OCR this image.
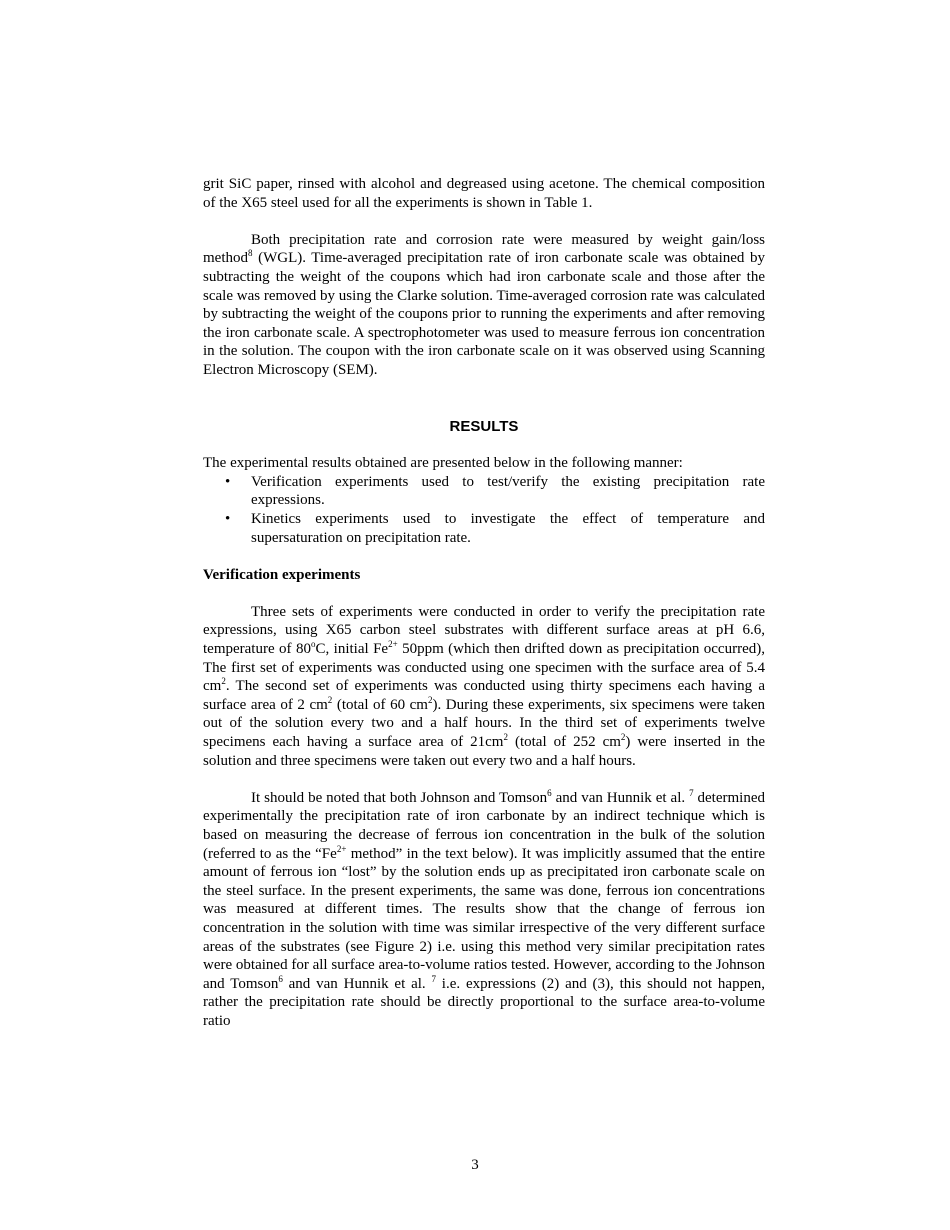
grit SiC paper, rinsed with alcohol and degreased using acetone. The chemical composition of the X65 steel used for all the experiments is shown in Table 1.

Both precipitation rate and corrosion rate were measured by weight gain/loss method$^8$ (WGL). Time-averaged precipitation rate of iron carbonate scale was obtained by subtracting the weight of the coupons which had iron carbonate scale and those after the scale was removed by using the Clarke solution. Time-averaged corrosion rate was calculated by subtracting the weight of the coupons prior to running the experiments and after removing the iron carbonate scale. A spectrophotometer was used to measure ferrous ion concentration in the solution. The coupon with the iron carbonate scale on it was observed using Scanning Electron Microscopy (SEM).

RESULTS

The experimental results obtained are presented below in the following manner:

• Verification experiments used to test/verify the existing precipitation rate expressions.
• Kinetics experiments used to investigate the effect of temperature and supersaturation on precipitation rate.
Verification experiments

Three sets of experiments were conducted in order to verify the precipitation rate expressions, using X65 carbon steel substrates with different surface areas at pH 6.6, temperature of 80$^o$C, initial $Fe^{2+}$ 50ppm (which then drifted down as precipitation occurred), The first set of experiments was conducted using one specimen with the surface area of 5.4 $cm^2$. The second set of experiments was conducted using thirty specimens each having a surface area of 2 $cm^2$ (total of 60 $cm^2$). During these experiments, six specimens were taken out of the solution every two and a half hours. In the third set of experiments twelve specimens each having a surface area of $21cm^2$ (total of 252 $cm^2$) were inserted in the solution and three specimens were taken out every two and a half hours.

It should be noted that both Johnson and Tomson$^6$ and van Hunnik et al. $^7$ determined experimentally the precipitation rate of iron carbonate by an indirect technique which is based on measuring the decrease of ferrous ion concentration in the bulk of the solution (referred to as the “$Fe^{2+}$ method” in the text below). It was implicitly assumed that the entire amount of ferrous ion “lost” by the solution ends up as precipitated iron carbonate scale on the steel surface. In the present experiments, the same was done, ferrous ion concentrations was measured at different times. The results show that the change of ferrous ion concentration in the solution with time was similar irrespective of the very different surface areas of the substrates (see Figure 2) i.e. using this method very similar precipitation rates were obtained for all surface area-to-volume ratios tested. However, according to the Johnson and Tomson$^6$ and van Hunnik et al. $^7$ i.e. expressions (2) and (3), this should not happen, rather the precipitation rate should be directly proportional to the surface area-to-volume ratio

3
